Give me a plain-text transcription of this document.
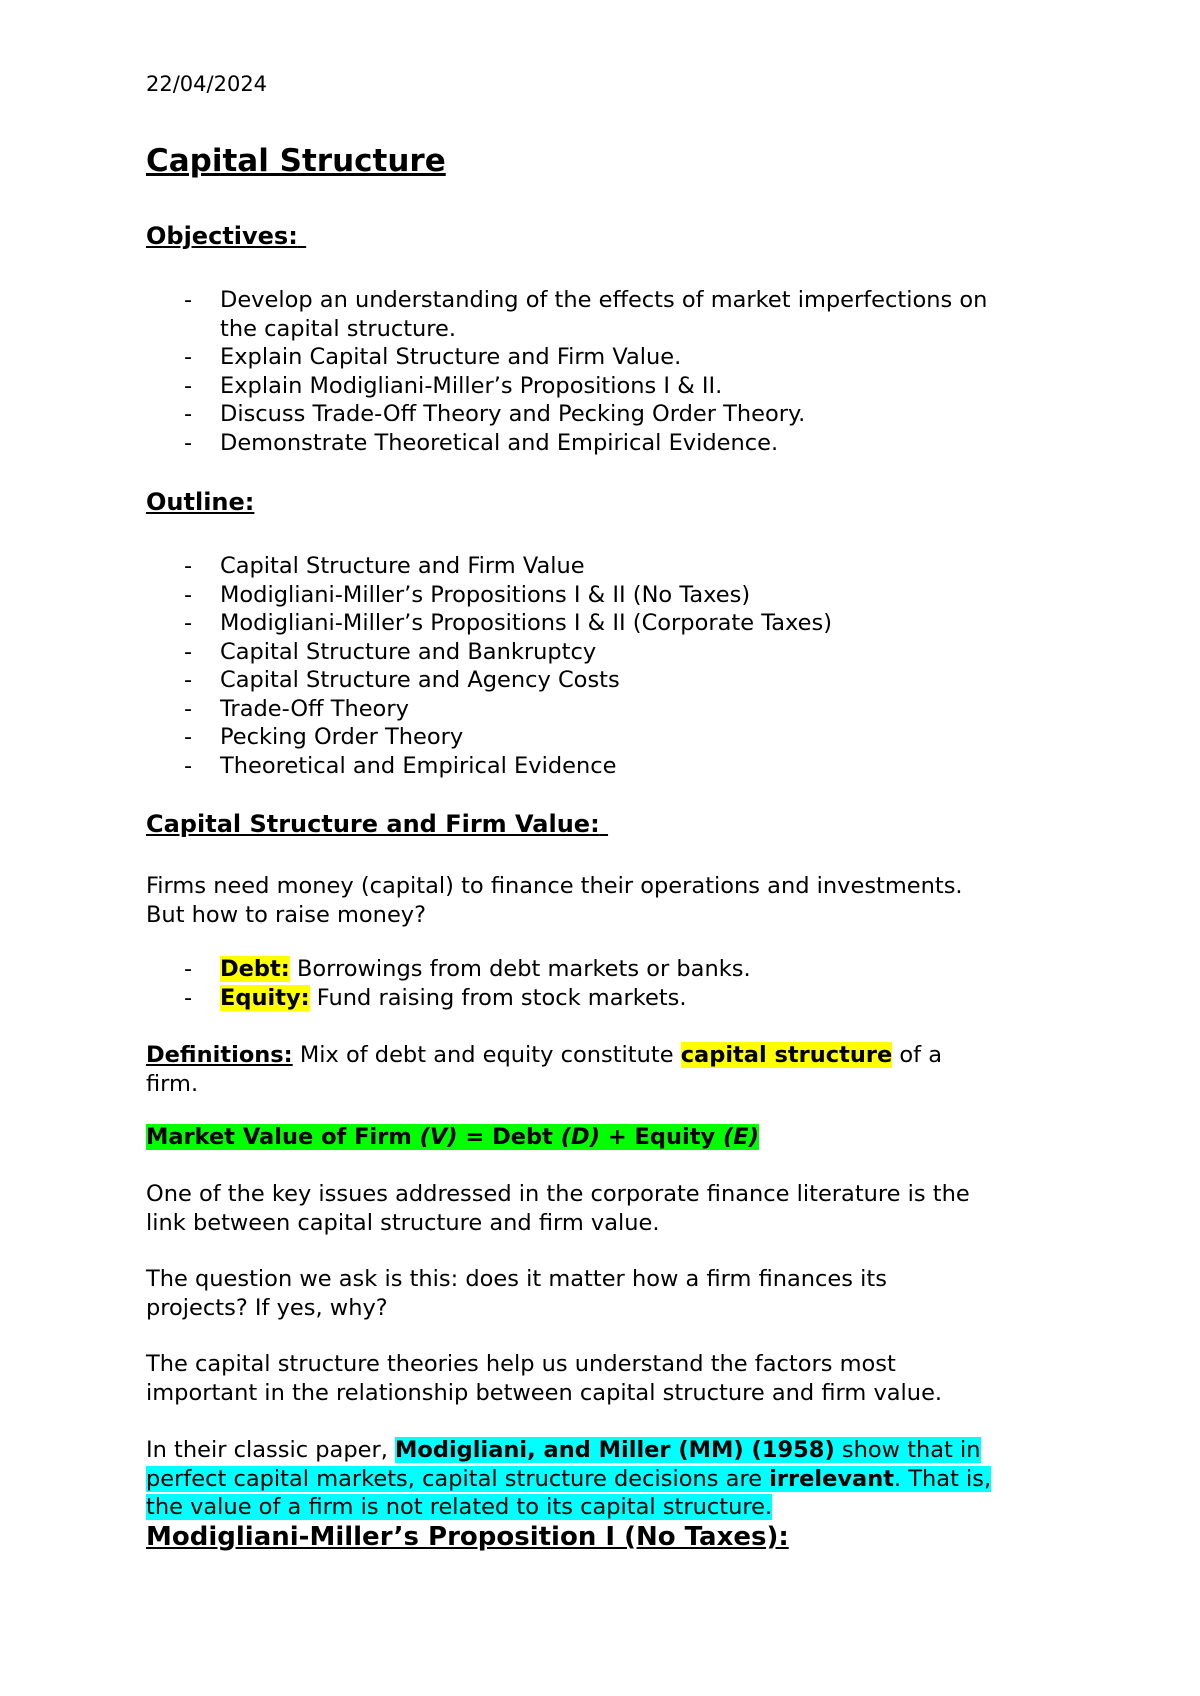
22/04/2024
Capital Structure
Objectives:
- Develop an understanding of the effects of market imperfections on
the capital structure.
- Explain Capital Structure and Firm Value.
- Explain Modigliani-Miller’s Propositions I & II.
- Discuss Trade-Off Theory and Pecking Order Theory.
- Demonstrate Theoretical and Empirical Evidence.
Outline:
- Capital Structure and Firm Value
- Modigliani-Miller’s Propositions I & II (No Taxes)
- Modigliani-Miller’s Propositions I & II (Corporate Taxes)
- Capital Structure and Bankruptcy
- Capital Structure and Agency Costs
- Trade-Off Theory
- Pecking Order Theory
- Theoretical and Empirical Evidence
Capital Structure and Firm Value:
Firms need money (capital) to finance their operations and investments.
But how to raise money?
- Debt: Borrowings from debt markets or banks.
- Equity: Fund raising from stock markets.
Definitions: Mix of debt and equity constitute capital structure of a
firm.
Market Value of Firm (V) = Debt (D) + Equity (E)
One of the key issues addressed in the corporate finance literature is the
link between capital structure and firm value.
The question we ask is this: does it matter how a firm finances its
projects? If yes, why?
The capital structure theories help us understand the factors most
important in the relationship between capital structure and firm value.
In their classic paper, Modigliani, and Miller (MM) (1958) show that in
perfect capital markets, capital structure decisions are irrelevant. That is,
the value of a firm is not related to its capital structure.
Modigliani-Miller’s Proposition I (No Taxes):
